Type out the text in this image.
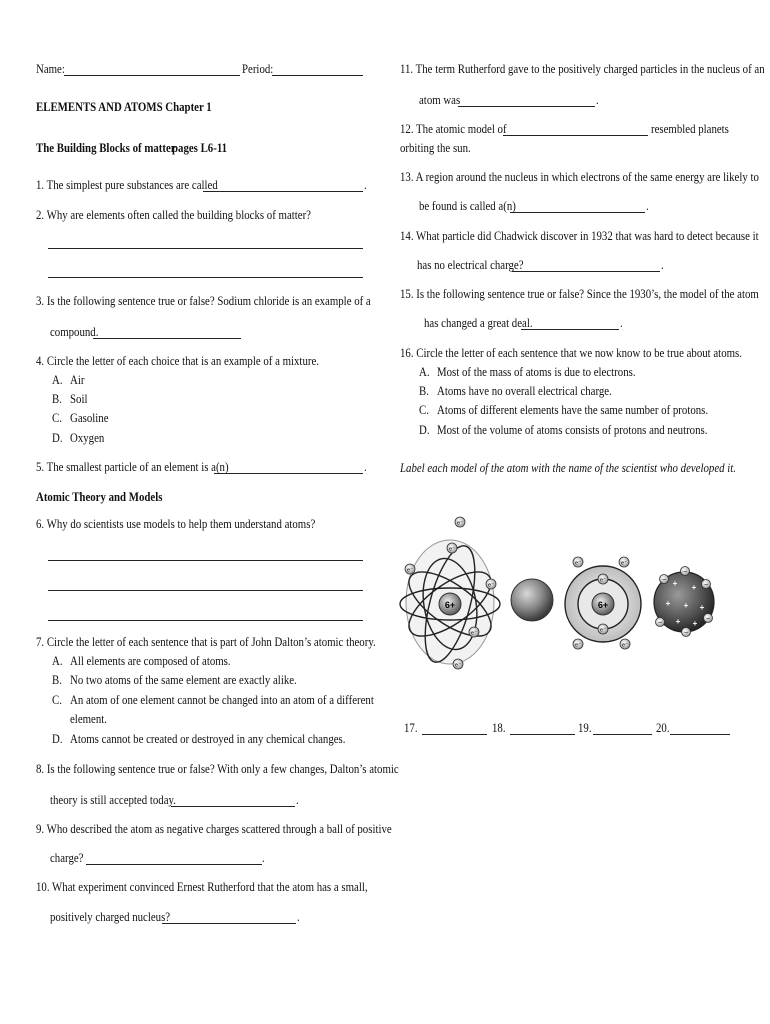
Name:	Period:
ELEMENTS AND ATOMS Chapter 1
The Building Blocks of matter
pages L6-11
1. The simplest pure substances are called	.
2. Why are elements often called the building blocks of matter?
3. Is the following sentence true or false? Sodium chloride is an example of a
compound.
4. Circle the letter of each choice that is an example of a mixture.
A. Air
B. Soil
C. Gasoline
D. Oxygen
5. The smallest particle of an element is a(n)	.
Atomic Theory and Models
6. Why do scientists use models to help them understand atoms?
7. Circle the letter of each sentence that is part of John Dalton’s atomic theory.
A. All elements are composed of atoms.
B. No two atoms of the same element are exactly alike.
C. An atom of one element cannot be changed into an atom of a different
element.
D. Atoms cannot be created or destroyed in any chemical changes.
8. Is the following sentence true or false? With only a few changes, Dalton’s atomic
theory is still accepted today.	.
9. Who described the atom as negative charges scattered through a ball of positive
charge?	.
10. What experiment convinced Ernest Rutherford that the atom has a small,
positively charged nucleus?	.
11. The term Rutherford gave to the positively charged particles in the nucleus of an
atom was	.
12. The atomic model of	resembled planets
orbiting the sun.
13. A region around the nucleus in which electrons of the same energy are likely to
be found is called a(n)	.
14. What particle did Chadwick discover in 1932 that was hard to detect because it
has no electrical charge?	.
15. Is the following sentence true or false? Since the 1930’s, the model of the atom
has changed a great deal.	.
16. Circle the letter of each sentence that we now know to be true about atoms.
A. Most of the mass of atoms is due to electrons.
B. Atoms have no overall electrical charge.
C. Atoms of different elements have the same number of protons.
D. Most of the volume of atoms consists of protons and neutrons.
Label each model of the atom with the name of the scientist who developed it.
6+
e⁻
e⁻
e⁻
e⁻
e⁻
e⁻
6+
e⁻	e⁻
e⁻
e⁻
e⁻	e⁻
+ +
+ + +
+ +
−
−
−
−
−
−
17.	18.	19.	20.
